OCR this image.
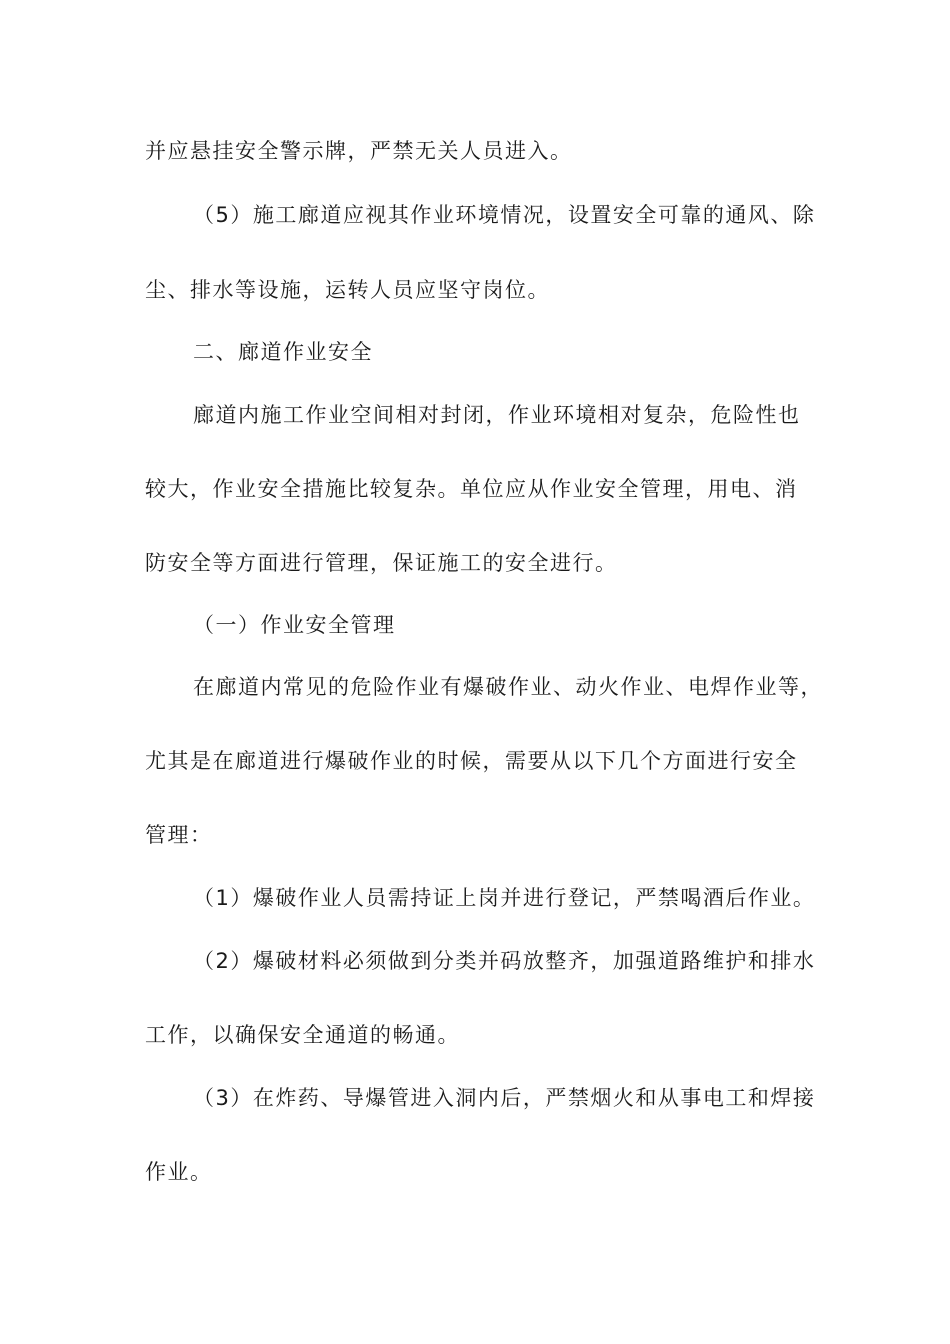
并应悬挂安全警示牌，严禁无关人员进入。
（5）施工廊道应视其作业环境情况，设置安全可靠的通风、除
尘、排水等设施，运转人员应坚守岗位。
二、廊道作业安全
廊道内施工作业空间相对封闭，作业环境相对复杂，危险性也
较大，作业安全措施比较复杂。单位应从作业安全管理，用电、消
防安全等方面进行管理，保证施工的安全进行。
（一）作业安全管理
在廊道内常见的危险作业有爆破作业、动火作业、电焊作业等，
尤其是在廊道进行爆破作业的时候，需要从以下几个方面进行安全
管理：
（1）爆破作业人员需持证上岗并进行登记，严禁喝酒后作业。
（2）爆破材料必须做到分类并码放整齐，加强道路维护和排水
工作，以确保安全通道的畅通。
（3）在炸药、导爆管进入洞内后，严禁烟火和从事电工和焊接
作业。
